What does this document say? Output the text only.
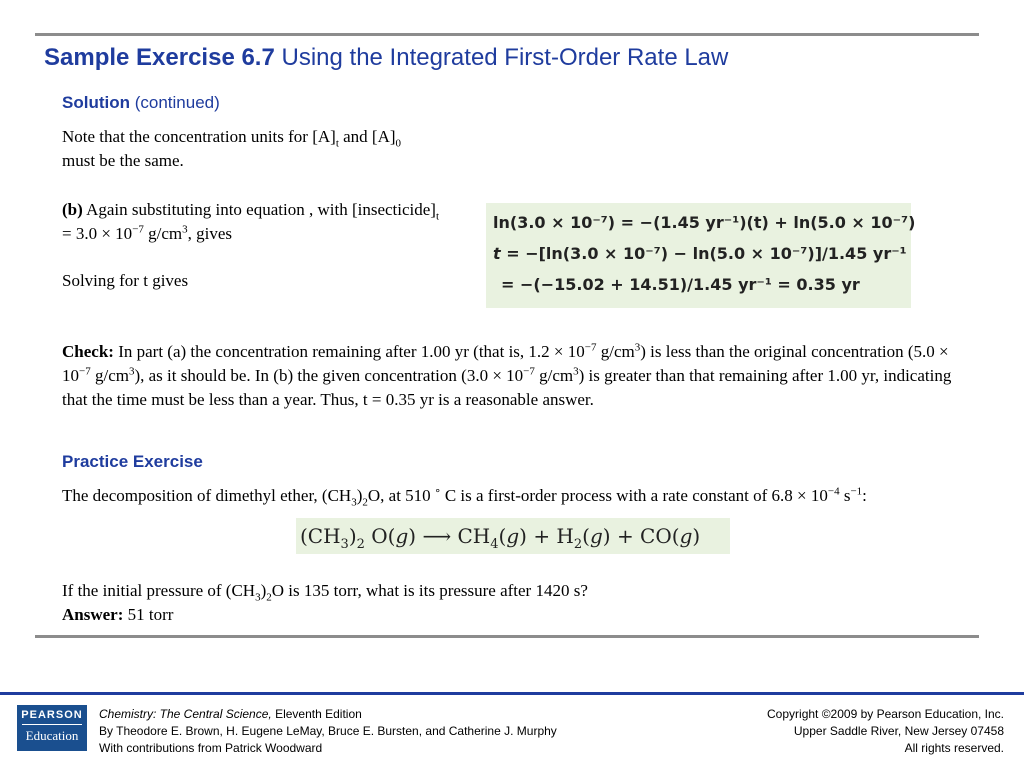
Sample Exercise 6.7 Using the Integrated First-Order Rate Law

Solution (continued)

Note that the concentration units for $[A]_t$ and $[A]_0$
must be the same.

(b) Again substituting into equation , with $[insecticide]_t = 3.0 \times 10^{-7}$ $g/cm^3$, gives

Solving for t gives

ln(3.0 × 10⁻⁷) = −(1.45 yr⁻¹)(t) + ln(5.0 × 10⁻⁷)
t = −[ln(3.0 × 10⁻⁷) − ln(5.0 × 10⁻⁷)]/1.45 yr⁻¹
= −(−15.02 + 14.51)/1.45 yr⁻¹ = 0.35 yr

Check: In part (a) the concentration remaining after 1.00 yr (that is, $1.2 \times 10^{-7}$ $g/cm^3$) is less than the original concentration ($5.0 \times 10^{-7}$ $g/cm^3$), as it should be. In (b) the given concentration ($3.0 \times 10^{-7}$ $g/cm^3$) is greater than that remaining after 1.00 yr, indicating that the time must be less than a year. Thus, t = 0.35 yr is a reasonable answer.

Practice Exercise

The decomposition of dimethyl ether, $(CH_3)_2O$, at 510 ˚ C is a first-order process with a rate constant of $6.8 \times 10^{-4}$ $s^{-1}$:

$(CH_3)_2$ O(g) ⟶ $CH_4(g) + H_2(g) + CO(g)$

If the initial pressure of $(CH_3)_2O$ is 135 torr, what is its pressure after 1420 s?

Answer: 51 torr

PEARSON
Education
Chemistry: The Central Science, Eleventh Edition
By Theodore E. Brown, H. Eugene LeMay, Bruce E. Bursten, and Catherine J. Murphy
With contributions from Patrick Woodward
Copyright ©2009 by Pearson Education, Inc.
Upper Saddle River, New Jersey 07458
All rights reserved.
